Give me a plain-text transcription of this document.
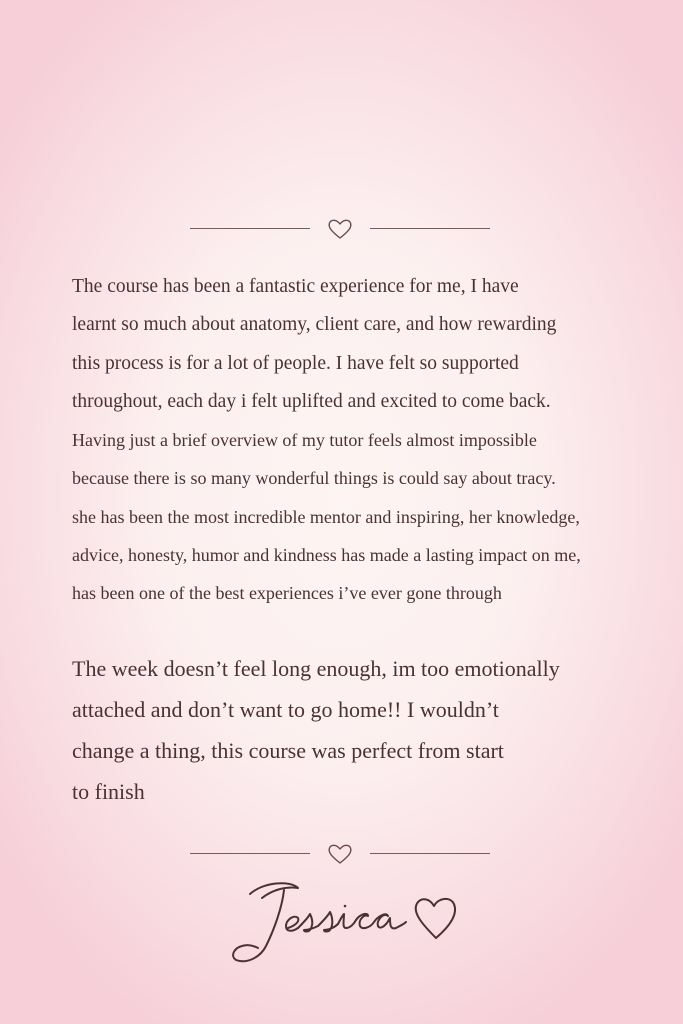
The course has been a fantastic experience for me, I have
learnt so much about anatomy, client care, and how rewarding
this process is for a lot of people. I have felt so supported
throughout, each day i felt uplifted and excited to come back.
Having just a brief overview of my tutor feels almost impossible
because there is so many wonderful things is could say about tracy.
she has been the most incredible mentor and inspiring, her knowledge,
advice, honesty, humor and kindness has made a lasting impact on me,
has been one of the best experiences i’ve ever gone through

The week doesn’t feel long enough, im too emotionally
attached and don’t want to go home!! I wouldn’t
change a thing, this course was perfect from start
to finish
